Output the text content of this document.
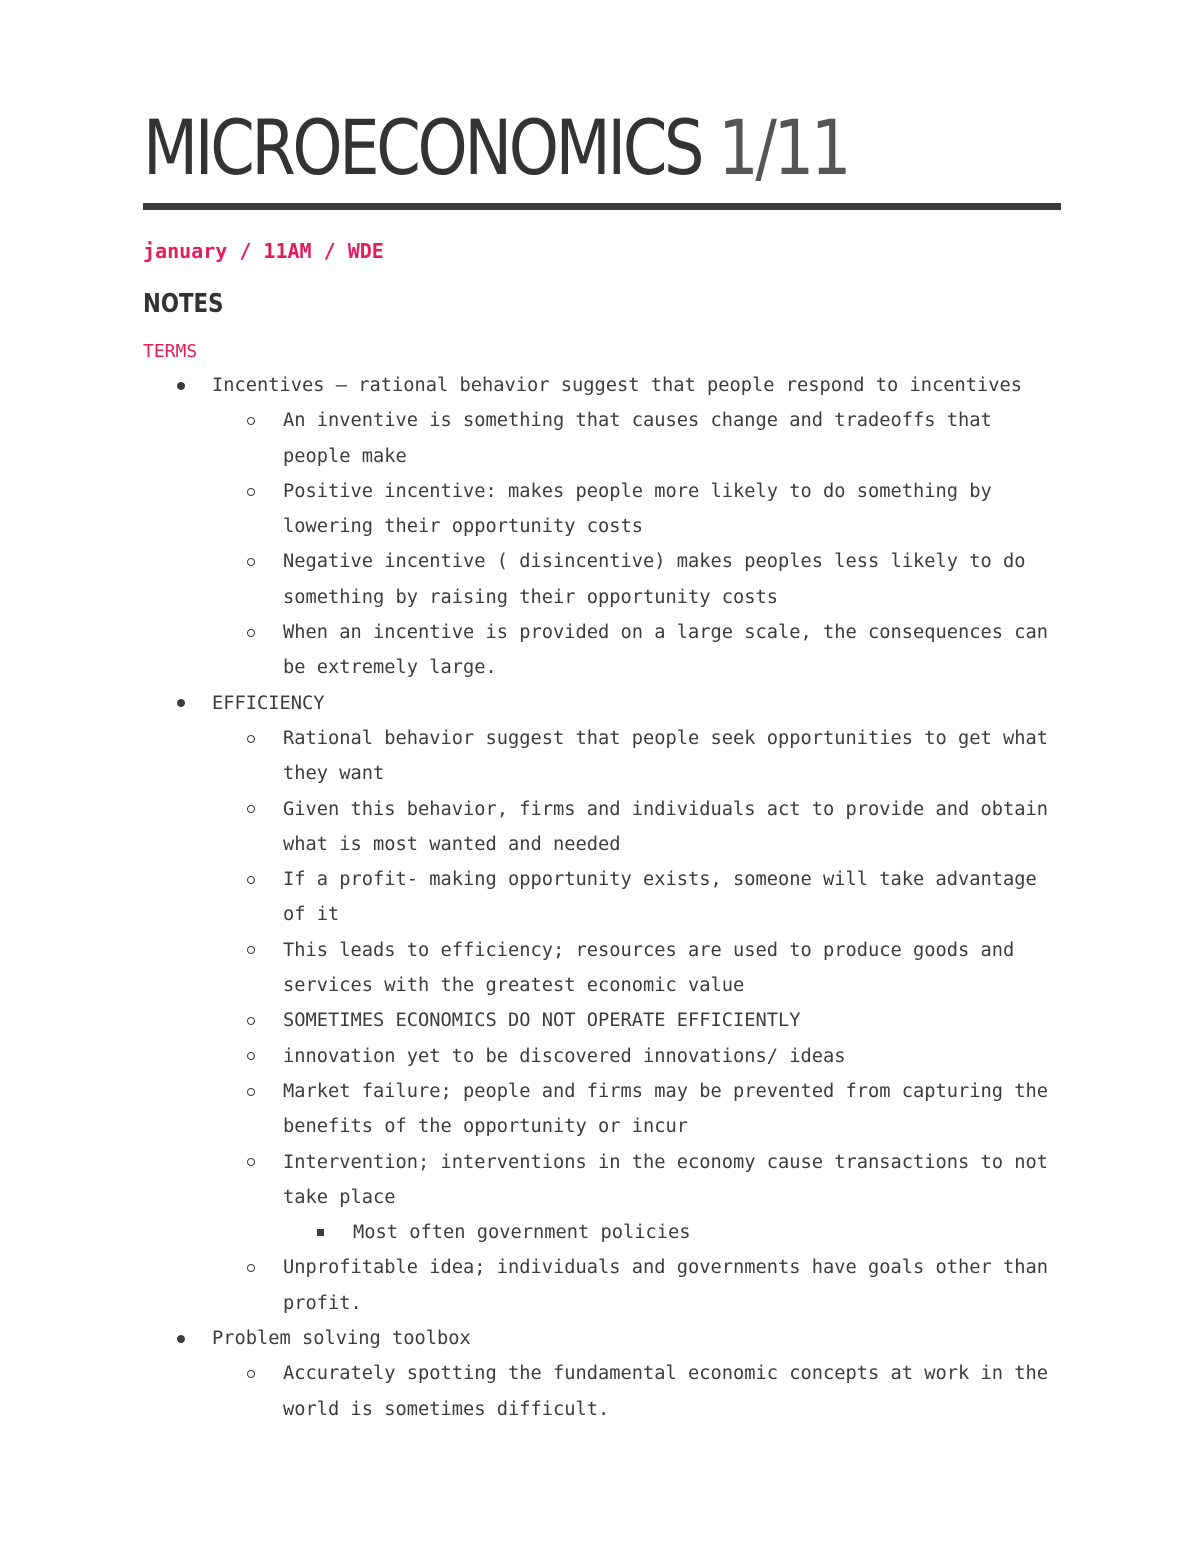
MICROECONOMICS 1/11

january / 11AM / WDE

NOTES

TERMS

Incentives – rational behavior suggest that people respond to incentives
An inventive is something that causes change and tradeoffs that people make
Positive incentive: makes people more likely to do something by lowering their opportunity costs
Negative incentive ( disincentive) makes peoples less likely to do something by raising their opportunity costs
When an incentive is provided on a large scale, the consequences can be extremely large.
EFFICIENCY
Rational behavior suggest that people seek opportunities to get what they want
Given this behavior, firms and individuals act to provide and obtain what is most wanted and needed
If a profit- making opportunity exists, someone will take advantage of it
This leads to efficiency; resources are used to produce goods and services with the greatest economic value
SOMETIMES ECONOMICS DO NOT OPERATE EFFICIENTLY
innovation yet to be discovered innovations/ ideas
Market failure; people and firms may be prevented from capturing the benefits of the opportunity or incur
Intervention; interventions in the economy cause transactions to not take place
Most often government policies
Unprofitable idea; individuals and governments have goals other than profit.
Problem solving toolbox
Accurately spotting the fundamental economic concepts at work in the world is sometimes difficult.
